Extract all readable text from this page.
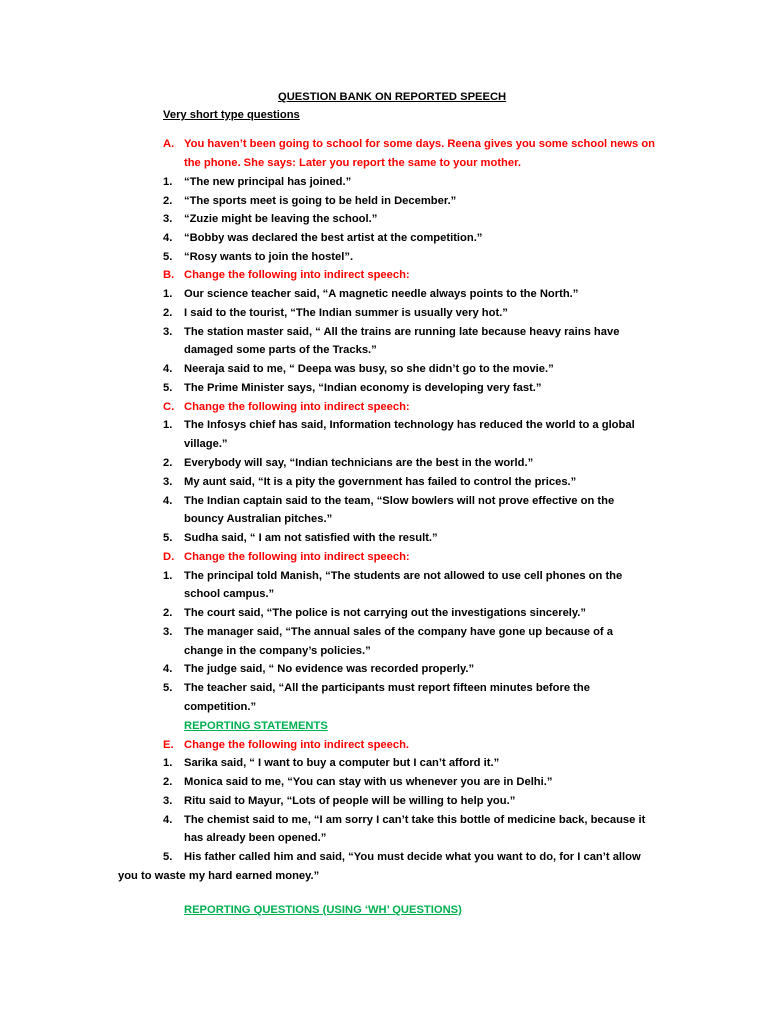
QUESTION BANK ON REPORTED SPEECH
Very short type questions
A. You haven’t been going to school for some days. Reena gives you some school news on
the phone. She says: Later you report the same to your mother.
1. “The new principal has joined.”
2. “The sports meet is going to be held in December.”
3. “Zuzie might be leaving the school.”
4. “Bobby was declared the best artist at the competition.”
5. “Rosy wants to join the hostel”.
B. Change the following into indirect speech:
1. Our science teacher said, “A magnetic needle always points to the North.”
2. I said to the tourist, “The Indian summer is usually very hot.”
3. The station master said, “ All the trains are running late because heavy rains have
damaged some parts of the Tracks.”
4. Neeraja said to me, “ Deepa was busy, so she didn’t go to the movie.”
5. The Prime Minister says, “Indian economy is developing very fast.”
C. Change the following into indirect speech:
1. The Infosys chief has said, Information technology has reduced the world to a global
village.”
2. Everybody will say, “Indian technicians are the best in the world.”
3. My aunt said, “It is a pity the government has failed to control the prices.”
4. The Indian captain said to the team, “Slow bowlers will not prove effective on the
bouncy Australian pitches.”
5. Sudha said, “ I am not satisfied with the result.”
D. Change the following into indirect speech:
1. The principal told Manish, “The students are not allowed to use cell phones on the
school campus.”
2. The court said, “The police is not carrying out the investigations sincerely.”
3. The manager said, “The annual sales of the company have gone up because of a
change in the company’s policies.”
4. The judge said, “ No evidence was recorded properly.”
5. The teacher said, “All the participants must report fifteen minutes before the
competition.”
REPORTING STATEMENTS
E. Change the following into indirect speech.
1. Sarika said, “ I want to buy a computer but I can’t afford it.”
2. Monica said to me, “You can stay with us whenever you are in Delhi.”
3. Ritu said to Mayur, “Lots of people will be willing to help you.”
4. The chemist said to me, “I am sorry I can’t take this bottle of medicine back, because it
has already been opened.”
5. His father called him and said, “You must decide what you want to do, for I can’t allow
you to waste my hard earned money.”
REPORTING QUESTIONS (USING ‘WH’ QUESTIONS)
